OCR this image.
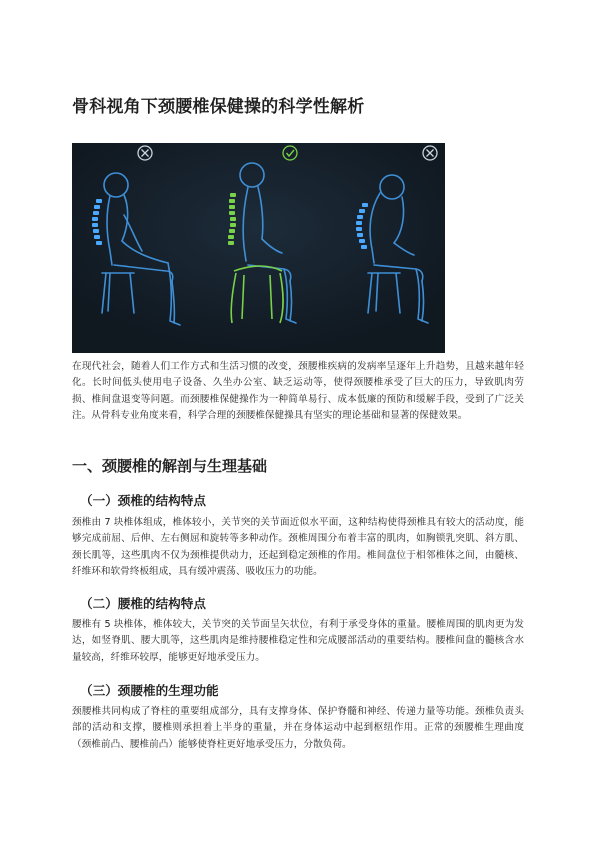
骨科视角下颈腰椎保健操的科学性解析

在现代社会，随着人们工作方式和生活习惯的改变，颈腰椎疾病的发病率呈逐年上升趋势，且越来越年轻化。长时间低头使用电子设备、久坐办公室、缺乏运动等，使得颈腰椎承受了巨大的压力，导致肌肉劳损、椎间盘退变等问题。而颈腰椎保健操作为一种简单易行、成本低廉的预防和缓解手段，受到了广泛关注。从骨科专业角度来看，科学合理的颈腰椎保健操具有坚实的理论基础和显著的保健效果。

一、颈腰椎的解剖与生理基础
（一）颈椎的结构特点

颈椎由 7 块椎体组成，椎体较小，关节突的关节面近似水平面，这种结构使得颈椎具有较大的活动度，能够完成前屈、后伸、左右侧屈和旋转等多种动作。颈椎周围分布着丰富的肌肉，如胸锁乳突肌、斜方肌、颈长肌等，这些肌肉不仅为颈椎提供动力，还起到稳定颈椎的作用。椎间盘位于相邻椎体之间，由髓核、纤维环和软骨终板组成，具有缓冲震荡、吸收压力的功能。

（二）腰椎的结构特点

腰椎有 5 块椎体，椎体较大，关节突的关节面呈矢状位，有利于承受身体的重量。腰椎周围的肌肉更为发达，如竖脊肌、腰大肌等，这些肌肉是维持腰椎稳定性和完成腰部活动的重要结构。腰椎间盘的髓核含水量较高，纤维环较厚，能够更好地承受压力。

（三）颈腰椎的生理功能

颈腰椎共同构成了脊柱的重要组成部分，具有支撑身体、保护脊髓和神经、传递力量等功能。颈椎负责头部的活动和支撑，腰椎则承担着上半身的重量，并在身体运动中起到枢纽作用。正常的颈腰椎生理曲度（颈椎前凸、腰椎前凸）能够使脊柱更好地承受压力，分散负荷。
